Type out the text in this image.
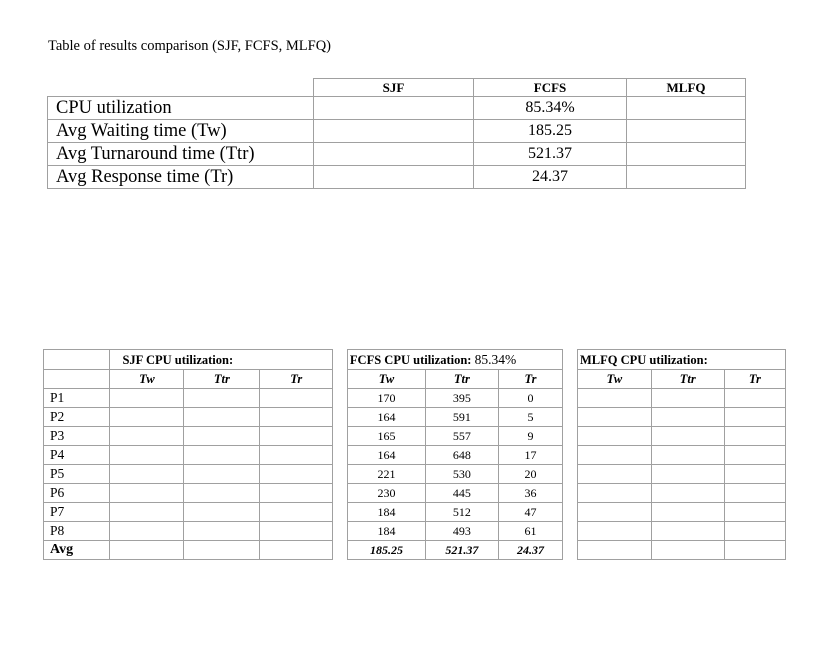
Table of results comparison (SJF, FCFS, MLFQ)
	SJF	FCFS	MLFQ
CPU utilization		85.34%	
Avg Waiting time (Tw)		185.25	
Avg Turnaround time (Ttr)		521.37	
Avg Response time (Tr)		24.37	
	SJF CPU utilization:				FCFS CPU utilization: 85.34%				MLFQ CPU utilization:		
	Tw	Ttr	Tr		Tw	Ttr	Tr		Tw	Ttr	Tr
P1					170	395	0				
P2					164	591	5				
P3					165	557	9				
P4					164	648	17				
P5					221	530	20				
P6					230	445	36				
P7					184	512	47				
P8					184	493	61				
Avg					185.25	521.37	24.37				
